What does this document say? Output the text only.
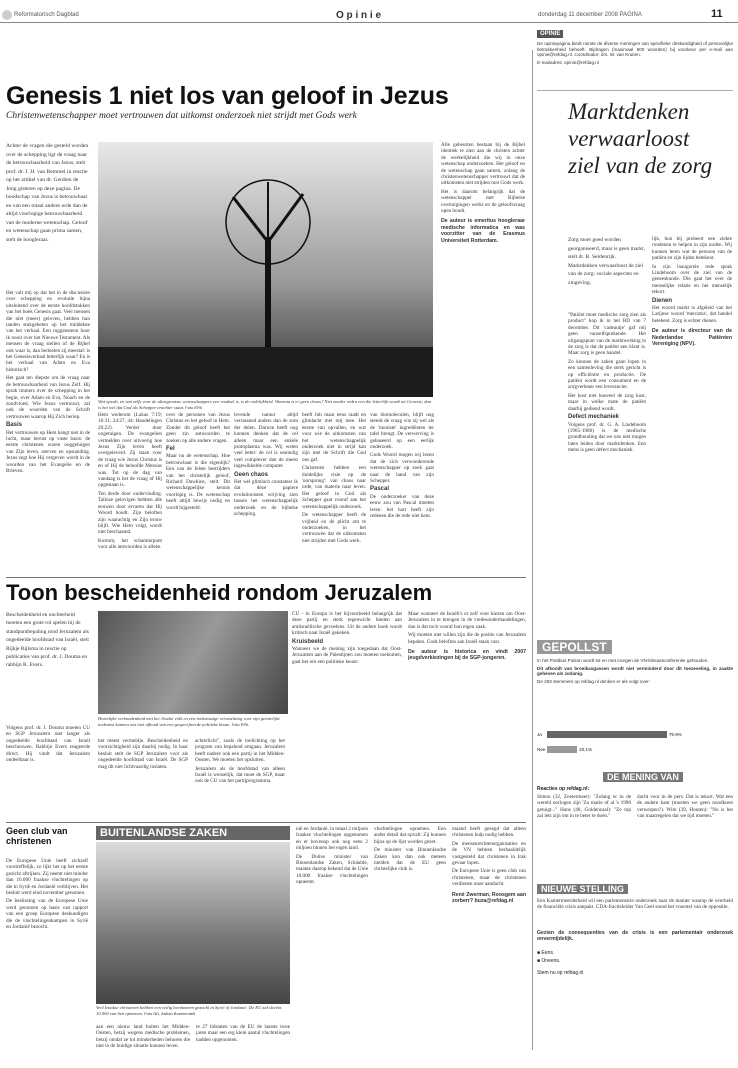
Reformatorisch Dagblad	O p i n i e	donderdag 11 december 2008 PAGINA	11
Genesis 1 niet los van geloof in Jezus
Christenwetenschapper moet vertrouwen dat uitkomst onderzoek niet strijdt met Gods werk
Achter de vragen die gesteld worden over de schepping ligt de vraag naar de betrouwbaarheid van Jezus, stelt prof. dr. J. H. van Bemmel in reactie op het artikel van dr. Gerdien de Jong gisteren op deze pagina. De boodschap van Jezus is betrouwbaar en van een totaal andere orde dan de altijd voorlopige betrouwbaarheid van de moderne wetenschap. Geloof en wetenschap gaan prima samen, stelt de hoogleraar.

Het valt mij op dat het in de discussies over schepping en evolutie bijna uitsluitend over de eerste hoofdstukken van het boek Genesis gaat. Veel mensen die niet (meer) geloven, hebben hun tanden stukgebeten op het middelste van het verhaal. Een ruggensteun hoor ik nooit over het Nieuwe Testament. Als mensen de vraag stellen of de Bijbel ook waar is, dan bedoelen zij meestal: is het Genesisverhaal letterlijk waar? En is het verhaal van Adam en Eva historisch?

Het gaat ten diepste om de vraag naar de betrouwbaarheid van Jezus Zelf. Hij sprak immers over de schepping in het begin, over Adam en Eva, Noach en de zondvloed. Wie Jezus vertrouwt, zal ook de woorden van de Schrift vertrouwen waarop Hij Zich beriep.

Basis

Het vertrouwen op Hem hangt niet in de lucht, maar berust op vaste basis: de eerste christenen waren ooggetuigen van Zijn leven, sterven en opstanding. Jezus zegt hoe Hij vergeven wordt in de woorden van het Evangelie en de Brieven.

Wat opvalt, en wat zelfs voor de ultragrootste wetenschappers een raadsel is, is de ordelijkheid. Waarom is er geen chaos? Niet zonder reden een die letterlijk wordt uit Genesis; dan is het wel dat God als Schepper erachter staat. Foto EPA

Hem wederom (Lukas 7:19; 16:31; 24:27, 44; Handelingen 26:22). Verder door oogetuigen. De evangelien vermelden over uitvoerig hoe Jezus Zijn leven heeft overgeleverd. Zij staan voor de vraag wie Jezus Christus is en of Hij de beloofde Messias was. Tot op de dag van vandaag is het de vraag of Hij opgestaan is.

Ten derde door ondervinding. Talloze gelovigen hebben alle eeuwen door ervaren dat Hij Woord houdt. Zijn beloften zijn waarachtig en Zijn trouw blijft. Wie Hem volgt, wordt niet beschaamd.

Kortom, het schamierpunt voor alle antwoorden is alleen

over de personen van Jezus Christus en het geloof in Hem. Zonder dit geloof heeft het geen zin antwoorden te zoeken op alle andere vragen.

Fel

Maar nu de wetenschap. Hoe betrouwbaar is die eigenlijk? Een van de felste bestrijders van het christelijk geloof, Richard Dawkins, stelt: Dit wetenschappelijke kennis voorlopig is. De wetenschap heeft altijd bewijs nodig en wordt bijgesteld.

levende natuur altijd verrassend anders dan de som der delen. Darwin heeft nog kunnen denken dat de cel alleen maar een enkele protoplasma was. Wij weten veel beter: de cel is oneindig veel complexer dan de meest ingewikkelde computer.

Geen chaos

Het wel glimlach constateer ik dat deze papiere evolutionisten wrijving zien tussen het wetenschappelijk onderzoek en de bijbelse schepping.

heeft Job maar eens raadt en glimlacht met mij mee. Het eerste van opvallen, en wat voor wie de uitkomsten van het wetenschappelijk onderzoek niet in strijd kan zijn met de Schrift die God ons gaf.

Christenen hebben een duidelijke visie op de 'oorsprong': van chaos naar orde, van materie naar leven. Het geloof in God als Schepper gaat vooraf aan het wetenschappelijk onderzoek.

De wetenschapper heeft de vrijheid en de plicht om te onderzoeken, in het vertrouwen dat de uitkomsten niet strijden met Gods werk.

van biomoleculen, blijft nog steeds de vraag wie zij wel als de 'mooiste' ingrediënten ter tafel brengt. De verwerving is gebaseerd op een eerlijk onderzoek.

Gods Woord mogen wij lezen dat de zich verwonderende wetenschapper op zoek gaat naar de hand van zijn Schepper.

Pascal

De onderzoeker van deze eeuw zou van Pascal moeten leren: het hart heeft zijn redenen die de rede niet kent.

Alle gebeurten bestaan bij de Bijbel identiek te zien aan de christen achter de werkelijkheid die wij in onze wetenschap onderzoeken. Het geloof en de wetenschap gaan samen, zolang de christenwetenschapper vertrouwt dat de uitkomsten niet strijden met Gods werk.

Het is daarom belangrijk dat de wetenschapper met Bijbelse overtuigingen werkt en de geloofsvraag open houdt.

De auteur is emeritus hoogleraar medische informatica en was voorzitter van de Erasmus Universiteit Rotterdam.

OPINIE

De opiniepagina biedt ruimte de diverse meningen van specifieke deskundigheid of persoonlijke betrokkenheid behoeft. Bijdragen (maximaal 900 woorden) bij voorkeur per e-mail aan opinie@refdag.nl. Coördinator: drs. W. van Kruiten.

E-mailadres: opinie@refdag.nl

Marktdenken verwaarloost ziel van de zorg
Zorg moet goed worden georganiseerd, maar is geen markt, stelt dr. R. Seldenrijk. Marktdenken verwaarloost de ziel van de zorg: sociale aspecten en zingeving.

"Patiënt moet medische zorg zien als product" kop ik in het RD van 7 december. Dit 'cadeautje' gaf mij geen vanzelfsprekende. Het uitgangspunt van de marktwerking in de zorg is dat de patiënt een klant is. Maar zorg is geen handel.

Zo kunnen de zaken gaan lopen in een samenleving die sterk gericht is op efficiëntie en productie. De patiënt wordt een consument en de zorgverlener een leverancier.

Het kost niet hoeveel de zorg kost, maar in welke mate de patiënt daarbij gediend wordt.

Defect mechaniek

Volgens prof. dr. G. A. Lindeboom (1905-1986) is de medische grondhouding dat we ons niet mogen laten leiden door marktdenken. Een mens is geen defect mechaniek.

lijk, hun bij probeert een ziekte rondenen te helpen in zijn noden. Wij kunnen leren wat de persoon van de patiënt en zijn lijden betekent.

In zijn inaugurele rede sprak Lindeboom over de ziel van de geneeskunde. Die gaat het over de menselijke relatie en het menselijk tekort.

Dienen

Het woord markt is afgeleid van het Latijnse woord 'mercatus', dat handel betekent. Zorg is echter dienen.

De auteur is directeur van de Nederlandse Patiënten Vereniging (NPV).

GEPOLLST

In het Postbus Poison wordt tot en met morgen de VN-klimaatconferentie gehouden.

Dit afkondt van broeikasgassen wordt niet verminderd door dit toezeveling, in zaakte geheven als zodanig.

De 293 stemmers op refdag.nl denken er als volgt over:

Ja	79,9%
Nee	20,1%
DE MENING VAN
Reacties op refdag.nl:

Simon (32, Zoetermeer): "Zolang er in de wereld oorlogen zijn 'Zo marie of al 's 1998 getuigt..." Hans (48, Goldenzaal): "Ze top zal iets zijn om in te beter te doen."

dacht voor in de pers. Dat is tekort. Wat een de andere kant (moeten we geen noodkreet verwerpen?). Wim (39, Houten): "Nu is het van maatregelen dat we tijd moeten."

NIEUWE STELLING

Een Kamermeerderheid wil een parlementaire onderzoek naar de manier waarop de overheid de financiële crisis aanpakt. CDA-fractieleider Van Geel stond het voorstel van de oppositie.

Gezien de consequenties van de crisis is een parlementair onderzoek onvermijdelijk.

■ Eens.
■ Oneens.
Stem nu op refdag.nl
Toon bescheidenheid rondom Jeruzalem
Bescheidenheid en nuchterheid moeten een grote rol spelen bij de standpuntbepaling rond Jeruzalem als ongedeelde hoofdstad van Israël, stelt Rijkje Bijlsma in reactie op publicaties van prof. dr. J. Douma en rabbijn R. Evers.

Volgens prof. dr. J. Douma moeten CU en SGP Jeruzalem niet langer als ongedeelde hoofdstad van Israël beschouwen. Rabbijn Evers reageerde direct. Hij vindt dat Jeruzalem ondeelbaar is.

Hartelijke verbondenheid met het Joodse volk en een toekomstige verwachting voor zijn geestelijke toekomst kunnen ons niet afhoud van een gespecifieerde politieke keuze. Foto EPA

het meest vermeldje. Bescheidenheid en voorzichtigheid zijn daarbij nodig. In haar besluit stelt de SGP Jeruzalem voor als ongedeelde hoofdstad van Israël. De SGP mag dit niet lichtvaardig loslaten.

achterlicht", zoals de toelichting op het program van bepalend omgaan. Jeruzalem heeft nadere ook een partij in het Midden-Oosten. We moeten het opsluiten.

Jeruzalem als de hoofdstad van alleen Israël is wenselijk, dat moet de SGP, maar ook de CU van het partijprogramma.

CU - in Europa is het bijvoorbeeld belangrijk dat deze partij en sterk tegenwicht bieden aan antiisraëlische gevoelens. Uit de andere hoek wordt kritisch naar Israël gekeken.

Kruisbeeld

Wanneer we de mening zijn toegedaan dat Oost-Jeruzalem aan de Palestijnen zou moeten toekomen, gaat het om een politieke keuze.

Maar wanneer de Israëli's er zelf voor kiezen om Oost-Jeruzalem in te brengen in de vredesonderhandelingen, dan is dat toch vooral hun eigen zaak.

Wij moeten niet willen zijn die de positie van Jeruzalem bepalen. Gods beloften aan Israël staan vast.

De auteur is historica en vindt 2007 jeugdverkiezingen bij de SGP-jongeren.

Geen club van christenen

De Europese Unie heeft zichzelf voortreffelijk, zo lijkt het op het eerste gezicht aftrijken. Zij neemt niet minder dan 10.000 Iraakse vluchtelingen op die in Syrië en Jordanië verblijven. Het besluit werd eind november genomen.

De beslissing van de Europese Unie werd genomen op basis van rapport van een groep Europese deskundigen die de vluchtelingenkampen in Syrië en Jordanië bezocht.

BUITENLANDSE ZAKEN
Veel Iraakse christenen hebben een veilig heenkomen gezocht in Syrië of Jordanië. De EU zal slechts 10.000 van hen opnemen. Foto ND, Adrian Boemendelf

aan een nieuw land buiten het Midden-Oosten, hetzij wegens medische problemen, hetzij omdat ze tot minderheden behoren die niet in de huidige situatie kunnen leven.

te 27 lidstaten van de EU de laatste twee jaren maar een erg klein aantal vluchtelingen hadden opgenomen.

nië en Jordanië, in totaal 2 miljoen Iraakse vluchtelingen opgenomen en er bovenop ook nog eens 2 miljoen binnen het eigen land.

De Duitse minister van Binnenlandse Zaken, Schäuble, maakte daarop bekend dat de Unie 10.000 Iraakse vluchtelingen opneemt.

vluchtelingen opnemen. Een ander detail dat opvalt: Zij kunnen bijna op de lijst worden gezet.

De minister van Binnenlandse Zaken kon dan ook meteen melden dat de EU geen christelijke club is.

maand heeft gezegd dat alleen christenen hulp nodig hebben.

De mensenrechtenorganisaties en de VN hebben herhaaldelijk vastgesteld dat christenen in Irak gevaar lopen.

De Europese Unie is geen club van christenen, maar de christenen verdienen onze aandacht.

René Zwerman, Roosgem aan zorberr? buza@refdag.nl
